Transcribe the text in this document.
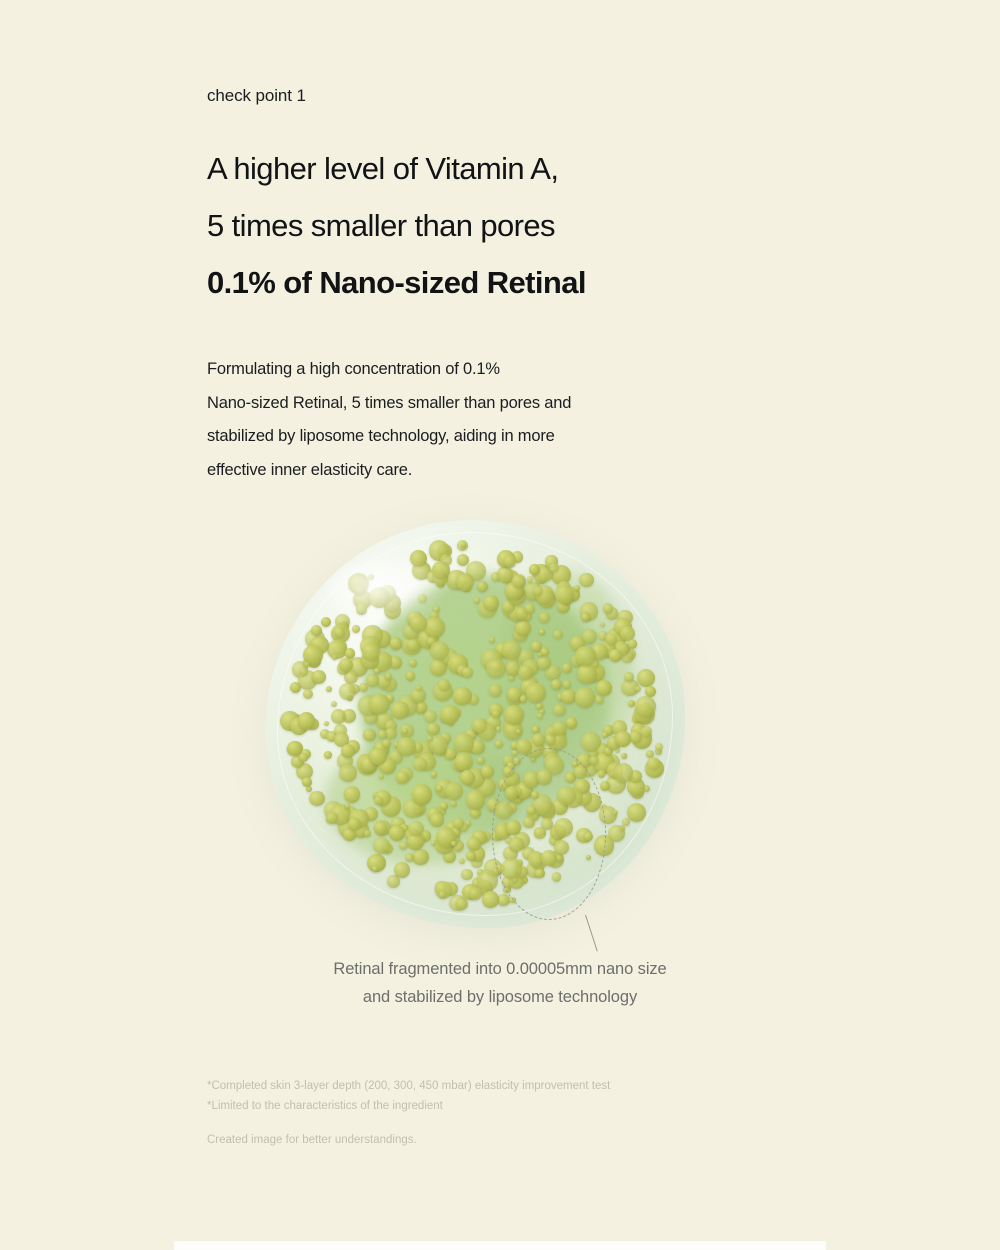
check point 1
A higher level of Vitamin A,
5 times smaller than pores
0.1% of Nano-sized Retinal
Formulating a high concentration of 0.1%
Nano-sized Retinal, 5 times smaller than pores and
stabilized by liposome technology, aiding in more
effective inner elasticity care.
Retinal fragmented into 0.00005mm nano size
and stabilized by liposome technology
*Completed skin 3-layer depth (200, 300, 450 mbar) elasticity improvement test
*Limited to the characteristics of the ingredient
Created image for better understandings.
